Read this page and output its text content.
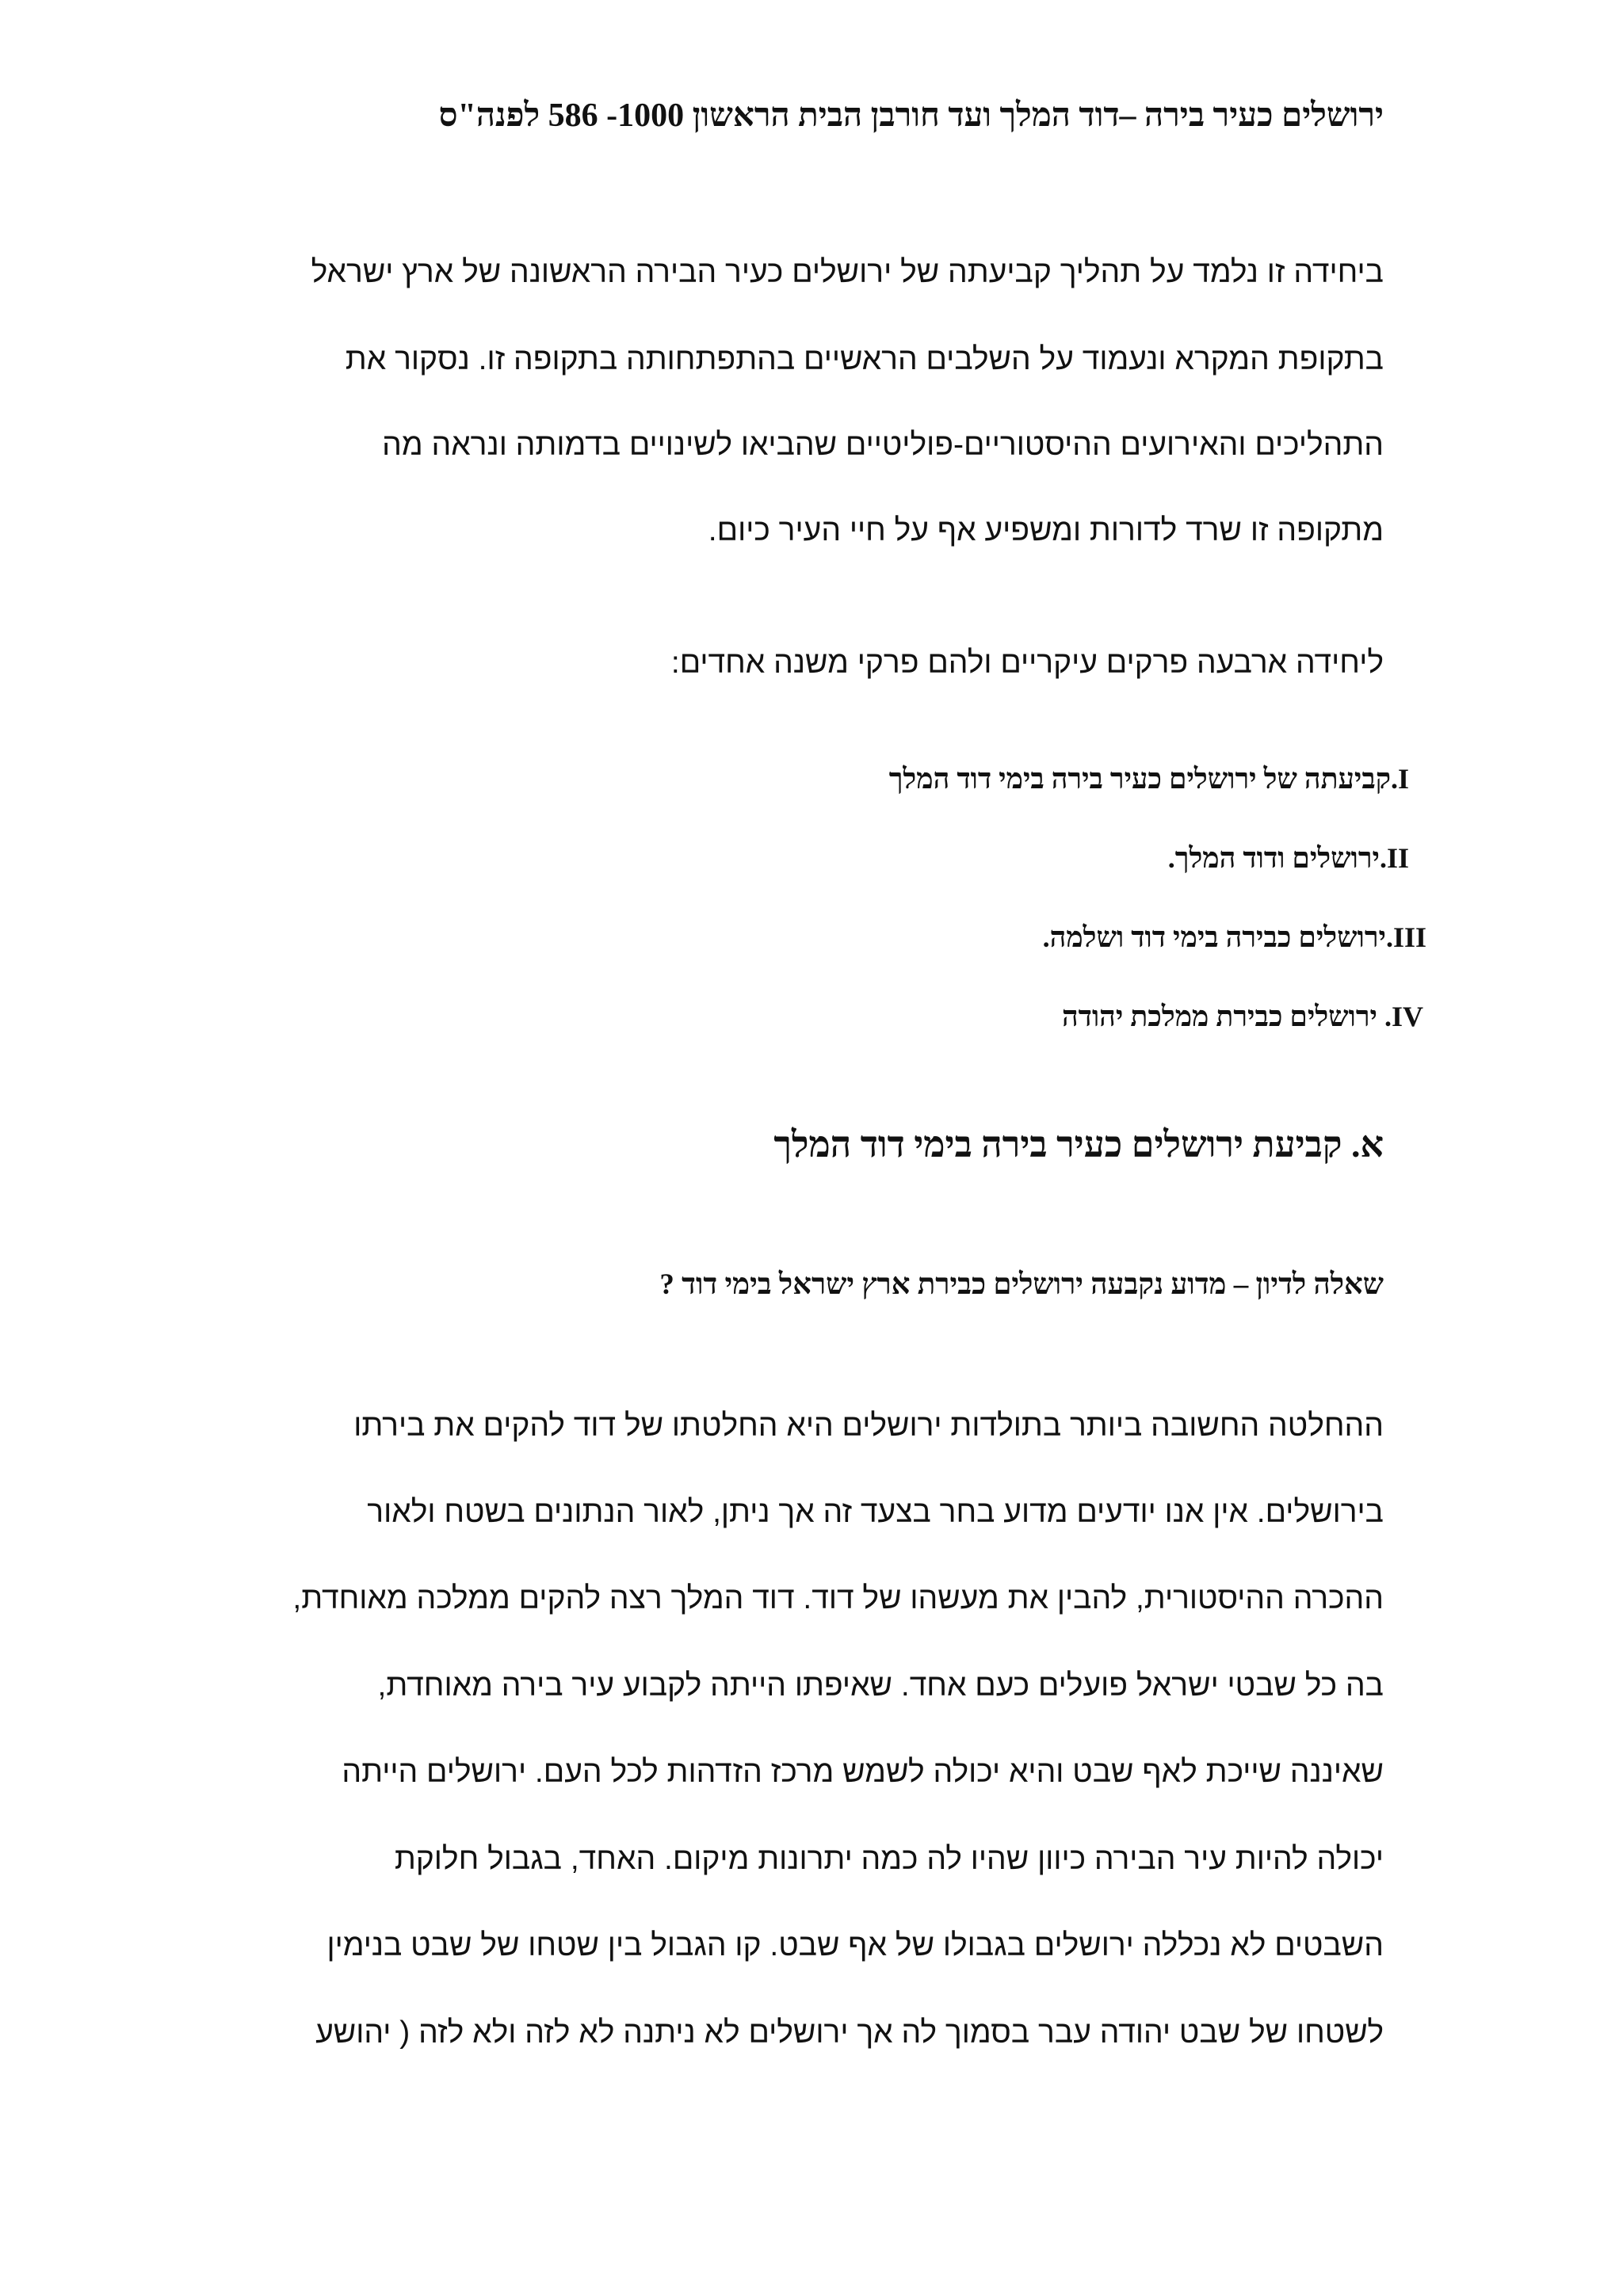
ירושלים כעיר בירה –דוד המלך ועד חורבן הבית הראשון 1000- 586 לפנה"ס
ביחידה זו נלמד על תהליך קביעתה של ירושלים כעיר הבירה הראשונה של ארץ ישראל
בתקופת המקרא ונעמוד על השלבים הראשיים בהתפתחותה בתקופה זו. נסקור את
התהליכים והאירועים ההיסטוריים-פוליטיים שהביאו לשינויים בדמותה ונראה מה
מתקופה זו שרד לדורות ומשפיע אף על חיי העיר כיום.
ליחידה ארבעה פרקים עיקריים ולהם פרקי משנה אחדים:
I.קביעתה של ירושלים כעיר בירה בימי דוד המלך
II.ירושלים ודוד המלך.
III.ירושלים כבירה בימי דוד ושלמה.
IV. ירושלים כבירת ממלכת יהודה
א. קביעת ירושלים כעיר בירה בימי דוד המלך
שאלה לדיון – מדוע נקבעה ירושלים כבירת ארץ ישראל בימי דוד ?
ההחלטה החשובה ביותר בתולדות ירושלים היא החלטתו של דוד להקים את בירתו
בירושלים. אין אנו יודעים מדוע בחר בצעד זה אך ניתן, לאור הנתונים בשטח ולאור
ההכרה ההיסטורית, להבין את מעשהו של דוד. דוד המלך רצה להקים ממלכה מאוחדת,
בה כל שבטי ישראל פועלים כעם אחד. שאיפתו הייתה לקבוע עיר בירה מאוחדת,
שאיננה שייכת לאף שבט והיא יכולה לשמש מרכז הזדהות לכל העם. ירושלים הייתה
יכולה להיות עיר הבירה כיוון שהיו לה כמה יתרונות מיקום. האחד, בגבול חלוקת
השבטים לא נכללה ירושלים בגבולו של אף שבט. קו הגבול בין שטחו של שבט בנימין
לשטחו של שבט יהודה עבר בסמוך לה אך ירושלים לא ניתנה לא לזה ולא לזה ( יהושע
